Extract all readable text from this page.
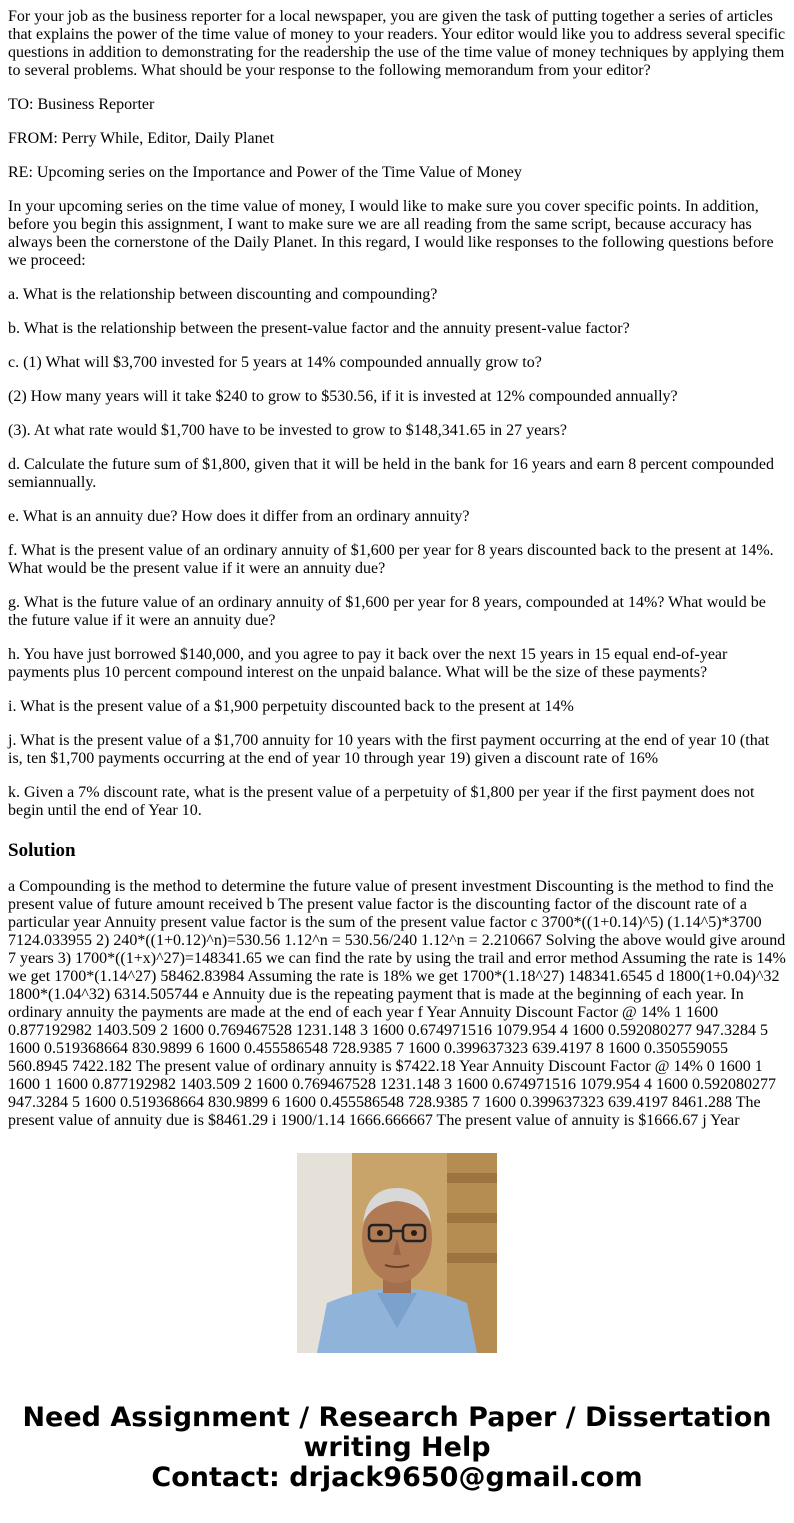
For your job as the business reporter for a local newspaper, you are given the task of putting together a series of articles that explains the power of the time value of money to your readers. Your editor would like you to address several specific questions in addition to demonstrating for the readership the use of the time value of money techniques by applying them to several problems. What should be your response to the following memorandum from your editor?

TO: Business Reporter

FROM: Perry While, Editor, Daily Planet

RE: Upcoming series on the Importance and Power of the Time Value of Money

In your upcoming series on the time value of money, I would like to make sure you cover specific points. In addition, before you begin this assignment, I want to make sure we are all reading from the same script, because accuracy has always been the cornerstone of the Daily Planet. In this regard, I would like responses to the following questions before we proceed:

a. What is the relationship between discounting and compounding?

b. What is the relationship between the present-value factor and the annuity present-value factor?

c. (1) What will $3,700 invested for 5 years at 14% compounded annually grow to?

(2) How many years will it take $240 to grow to $530.56, if it is invested at 12% compounded annually?

(3). At what rate would $1,700 have to be invested to grow to $148,341.65 in 27 years?

d. Calculate the future sum of $1,800, given that it will be held in the bank for 16 years and earn 8 percent compounded semiannually.

e. What is an annuity due? How does it differ from an ordinary annuity?

f. What is the present value of an ordinary annuity of $1,600 per year for 8 years discounted back to the present at 14%. What would be the present value if it were an annuity due?

g. What is the future value of an ordinary annuity of $1,600 per year for 8 years, compounded at 14%? What would be the future value if it were an annuity due?

h. You have just borrowed $140,000, and you agree to pay it back over the next 15 years in 15 equal end-of-year payments plus 10 percent compound interest on the unpaid balance. What will be the size of these payments?

i. What is the present value of a $1,900 perpetuity discounted back to the present at 14%

j. What is the present value of a $1,700 annuity for 10 years with the first payment occurring at the end of year 10 (that is, ten $1,700 payments occurring at the end of year 10 through year 19) given a discount rate of 16%

k. Given a 7% discount rate, what is the present value of a perpetuity of $1,800 per year if the first payment does not begin until the end of Year 10.

Solution

a Compounding is the method to determine the future value of present investment Discounting is the method to find the present value of future amount received b The present value factor is the discounting factor of the discount rate of a particular year Annuity present value factor is the sum of the present value factor c 3700*((1+0.14)^5) (1.14^5)*3700 7124.033955 2) 240*((1+0.12)^n)=530.56 1.12^n = 530.56/240 1.12^n = 2.210667 Solving the above would give around 7 years 3) 1700*((1+x)^27)=148341.65 we can find the rate by using the trail and error method Assuming the rate is 14% we get 1700*(1.14^27) 58462.83984 Assuming the rate is 18% we get 1700*(1.18^27) 148341.6545 d 1800(1+0.04)^32 1800*(1.04^32) 6314.505744 e Annuity due is the repeating payment that is made at the beginning of each year. In ordinary annuity the payments are made at the end of each year f Year Annuity Discount Factor @ 14% 1 1600 0.877192982 1403.509 2 1600 0.769467528 1231.148 3 1600 0.674971516 1079.954 4 1600 0.592080277 947.3284 5 1600 0.519368664 830.9899 6 1600 0.455586548 728.9385 7 1600 0.399637323 639.4197 8 1600 0.350559055 560.8945 7422.182 The present value of ordinary annuity is $7422.18 Year Annuity Discount Factor @ 14% 0 1600 1 1600 1 1600 0.877192982 1403.509 2 1600 0.769467528 1231.148 3 1600 0.674971516 1079.954 4 1600 0.592080277 947.3284 5 1600 0.519368664 830.9899 6 1600 0.455586548 728.9385 7 1600 0.399637323 639.4197 8461.288 The present value of annuity due is $8461.29 i 1900/1.14 1666.666667 The present value of annuity is $1666.67 j Year

Need Assignment / Research Paper / Dissertation
writing Help
Contact: drjack9650@gmail.com
